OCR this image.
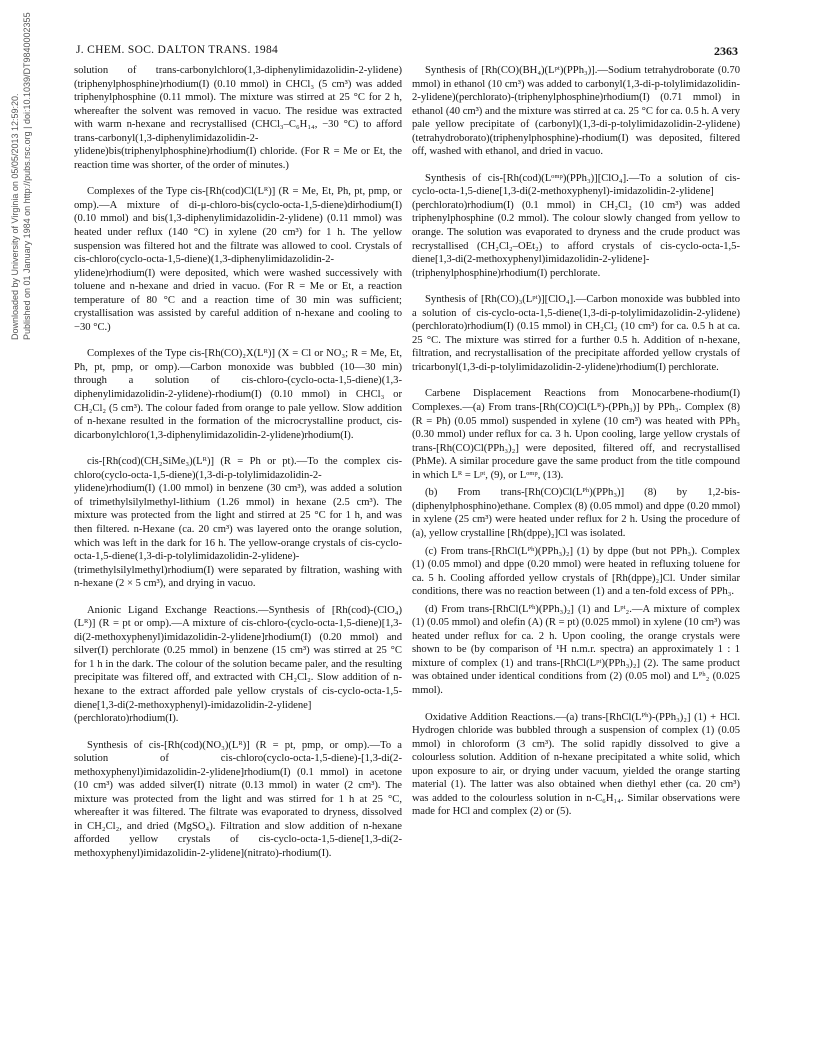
J. CHEM. SOC. DALTON TRANS. 1984	2363
Downloaded by University of Virginia on 05/05/2013 12:59:20. Published on 01 January 1984 on http://pubs.rsc.org | doi:10.1039/DT9840002355	solution of trans-carbonylchloro(1,3-diphenylimidazolidin-2-ylidene)(triphenylphosphine)rhodium(I) (0.10 mmol) in CHCl₃ (5 cm³) was added triphenylphosphine (0.11 mmol). The mixture was stirred at 25 °C for 2 h, whereafter the solvent was removed in vacuo. The residue was extracted with warm n-hexane and recrystallised (CHCl₃–C₆H₁₄, −30 °C) to afford trans-carbonyl(1,3-diphenylimidazolidin-2-ylidene)bis(triphenylphosphine)rhodium(I) chloride. (For R = Me or Et, the reaction time was shorter, of the order of minutes.)

Complexes of the Type cis-[Rh(cod)Cl(Lᴿ)] (R = Me, Et, Ph, pt, pmp, or omp).—A mixture of di-μ-chloro-bis(cyclo-octa-1,5-diene)dirhodium(I) (0.10 mmol) and bis(1,3-diphenylimidazolidin-2-ylidene) (0.11 mmol) was heated under reflux (140 °C) in xylene (20 cm³) for 1 h. The yellow suspension was filtered hot and the filtrate was allowed to cool. Crystals of cis-chloro(cyclo-octa-1,5-diene)(1,3-diphenylimidazolidin-2-ylidene)rhodium(I) were deposited, which were washed successively with toluene and n-hexane and dried in vacuo. (For R = Me or Et, a reaction temperature of 80 °C and a reaction time of 30 min was sufficient; crystallisation was assisted by careful addition of n-hexane and cooling to −30 °C.)

Complexes of the Type cis-[Rh(CO)₂X(Lᴿ)] (X = Cl or NO₃; R = Me, Et, Ph, pt, pmp, or omp).—Carbon monoxide was bubbled (10—30 min) through a solution of cis-chloro-(cyclo-octa-1,5-diene)(1,3-diphenylimidazolidin-2-ylidene)-rhodium(I) (0.10 mmol) in CHCl₃ or CH₂Cl₂ (5 cm³). The colour faded from orange to pale yellow. Slow addition of n-hexane resulted in the formation of the microcrystalline product, cis-dicarbonylchloro(1,3-diphenylimidazolidin-2-ylidene)rhodium(I).

cis-[Rh(cod)(CH₂SiMe₃)(Lᴿ)] (R = Ph or pt).—To the complex cis-chloro(cyclo-octa-1,5-diene)(1,3-di-p-tolylimidazolidin-2-ylidene)rhodium(I) (1.00 mmol) in benzene (30 cm³), was added a solution of trimethylsilylmethyl-lithium (1.26 mmol) in hexane (2.5 cm³). The mixture was protected from the light and stirred at 25 °C for 1 h, and was then filtered. n-Hexane (ca. 20 cm³) was layered onto the orange solution, which was left in the dark for 16 h. The yellow-orange crystals of cis-cyclo-octa-1,5-diene(1,3-di-p-tolylimidazolidin-2-ylidene)-(trimethylsilylmethyl)rhodium(I) were separated by filtration, washing with n-hexane (2 × 5 cm³), and drying in vacuo.

Anionic Ligand Exchange Reactions.—Synthesis of [Rh(cod)-(ClO₄)(Lᴿ)] (R = pt or omp).—A mixture of cis-chloro-(cyclo-octa-1,5-diene)[1,3-di(2-methoxyphenyl)imidazolidin-2-ylidene]rhodium(I) (0.20 mmol) and silver(I) perchlorate (0.25 mmol) in benzene (15 cm³) was stirred at 25 °C for 1 h in the dark. The colour of the solution became paler, and the resulting precipitate was filtered off, and extracted with CH₂Cl₂. Slow addition of n-hexane to the extract afforded pale yellow crystals of cis-cyclo-octa-1,5-diene[1,3-di(2-methoxyphenyl)-imidazolidin-2-ylidene](perchlorato)rhodium(I).

Synthesis of cis-[Rh(cod)(NO₃)(Lᴿ)] (R = pt, pmp, or omp).—To a solution of cis-chloro(cyclo-octa-1,5-diene)-[1,3-di(2-methoxyphenyl)imidazolidin-2-ylidene]rhodium(I) (0.1 mmol) in acetone (10 cm³) was added silver(I) nitrate (0.13 mmol) in water (2 cm³). The mixture was protected from the light and was stirred for 1 h at 25 °C, whereafter it was filtered. The filtrate was evaporated to dryness, dissolved in CH₂Cl₂, and dried (MgSO₄). Filtration and slow addition of n-hexane afforded yellow crystals of cis-cyclo-octa-1,5-diene[1,3-di(2-methoxyphenyl)imidazolidin-2-ylidene](nitrato)-rhodium(I).

Synthesis of [Rh(CO)(BH₄)(Lᵖᵗ)(PPh₃)].—Sodium tetrahydroborate (0.70 mmol) in ethanol (10 cm³) was added to carbonyl(1,3-di-p-tolylimidazolidin-2-ylidene)(perchlorato)-(triphenylphosphine)rhodium(I) (0.71 mmol) in ethanol (40 cm³) and the mixture was stirred at ca. 25 °C for ca. 0.5 h. A very pale yellow precipitate of (carbonyl)(1,3-di-p-tolylimidazolidin-2-ylidene)(tetrahydroborato)(triphenylphosphine)-rhodium(I) was deposited, filtered off, washed with ethanol, and dried in vacuo.

Synthesis of cis-[Rh(cod)(Lᵒᵐᵖ)(PPh₃)][ClO₄].—To a solution of cis-cyclo-octa-1,5-diene[1,3-di(2-methoxyphenyl)-imidazolidin-2-ylidene](perchlorato)rhodium(I) (0.1 mmol) in CH₂Cl₂ (10 cm³) was added triphenylphosphine (0.2 mmol). The colour slowly changed from yellow to orange. The solution was evaporated to dryness and the crude product was recrystallised (CH₂Cl₂–OEt₂) to afford crystals of cis-cyclo-octa-1,5-diene[1,3-di(2-methoxyphenyl)imidazolidin-2-ylidene]-(triphenylphosphine)rhodium(I) perchlorate.

Synthesis of [Rh(CO)₃(Lᵖᵗ)][ClO₄].—Carbon monoxide was bubbled into a solution of cis-cyclo-octa-1,5-diene(1,3-di-p-tolylimidazolidin-2-ylidene)(perchlorato)rhodium(I) (0.15 mmol) in CH₂Cl₂ (10 cm³) for ca. 0.5 h at ca. 25 °C. The mixture was stirred for a further 0.5 h. Addition of n-hexane, filtration, and recrystallisation of the precipitate afforded yellow crystals of tricarbonyl(1,3-di-p-tolylimidazolidin-2-ylidene)rhodium(I) perchlorate.

Carbene Displacement Reactions from Monocarbene-rhodium(I) Complexes.—(a) From trans-[Rh(CO)Cl(Lᴿ)-(PPh₃)] by PPh₃. Complex (8) (R = Ph) (0.05 mmol) suspended in xylene (10 cm³) was heated with PPh₃ (0.30 mmol) under reflux for ca. 3 h. Upon cooling, large yellow crystals of trans-[Rh(CO)Cl(PPh₃)₂] were deposited, filtered off, and recrystallised (PhMe). A similar procedure gave the same product from the title compound in which Lᴿ = Lᵖᵗ, (9), or Lᵒᵐᵖ, (13).

(b) From trans-[Rh(CO)Cl(Lᴾʰ)(PPh₃)] (8) by 1,2-bis-(diphenylphosphino)ethane. Complex (8) (0.05 mmol) and dppe (0.20 mmol) in xylene (25 cm³) were heated under reflux for 2 h. Using the procedure of (a), yellow crystalline [Rh(dppe)₂]Cl was isolated.

(c) From trans-[RhCl(Lᴾʰ)(PPh₃)₂] (1) by dppe (but not PPh₃). Complex (1) (0.05 mmol) and dppe (0.20 mmol) were heated in refluxing toluene for ca. 5 h. Cooling afforded yellow crystals of [Rh(dppe)₂]Cl. Under similar conditions, there was no reaction between (1) and a ten-fold excess of PPh₃.

(d) From trans-[RhCl(Lᴾʰ)(PPh₃)₂] (1) and Lᵖᵗ₂.—A mixture of complex (1) (0.05 mmol) and olefin (A) (R = pt) (0.025 mmol) in xylene (10 cm³) was heated under reflux for ca. 2 h. Upon cooling, the orange crystals were shown to be (by comparison of ¹H n.m.r. spectra) an approximately 1 : 1 mixture of complex (1) and trans-[RhCl(Lᵖᵗ)(PPh₃)₂] (2). The same product was obtained under identical conditions from (2) (0.05 mol) and Lᴾʰ₂ (0.025 mmol).

Oxidative Addition Reactions.—(a) trans-[RhCl(Lᴾʰ)-(PPh₃)₂] (1) + HCl. Hydrogen chloride was bubbled through a suspension of complex (1) (0.05 mmol) in chloroform (3 cm³). The solid rapidly dissolved to give a colourless solution. Addition of n-hexane precipitated a white solid, which upon exposure to air, or drying under vacuum, yielded the orange starting material (1). The latter was also obtained when diethyl ether (ca. 20 cm³) was added to the colourless solution in n-C₆H₁₄. Similar observations were made for HCl and complex (2) or (5).
